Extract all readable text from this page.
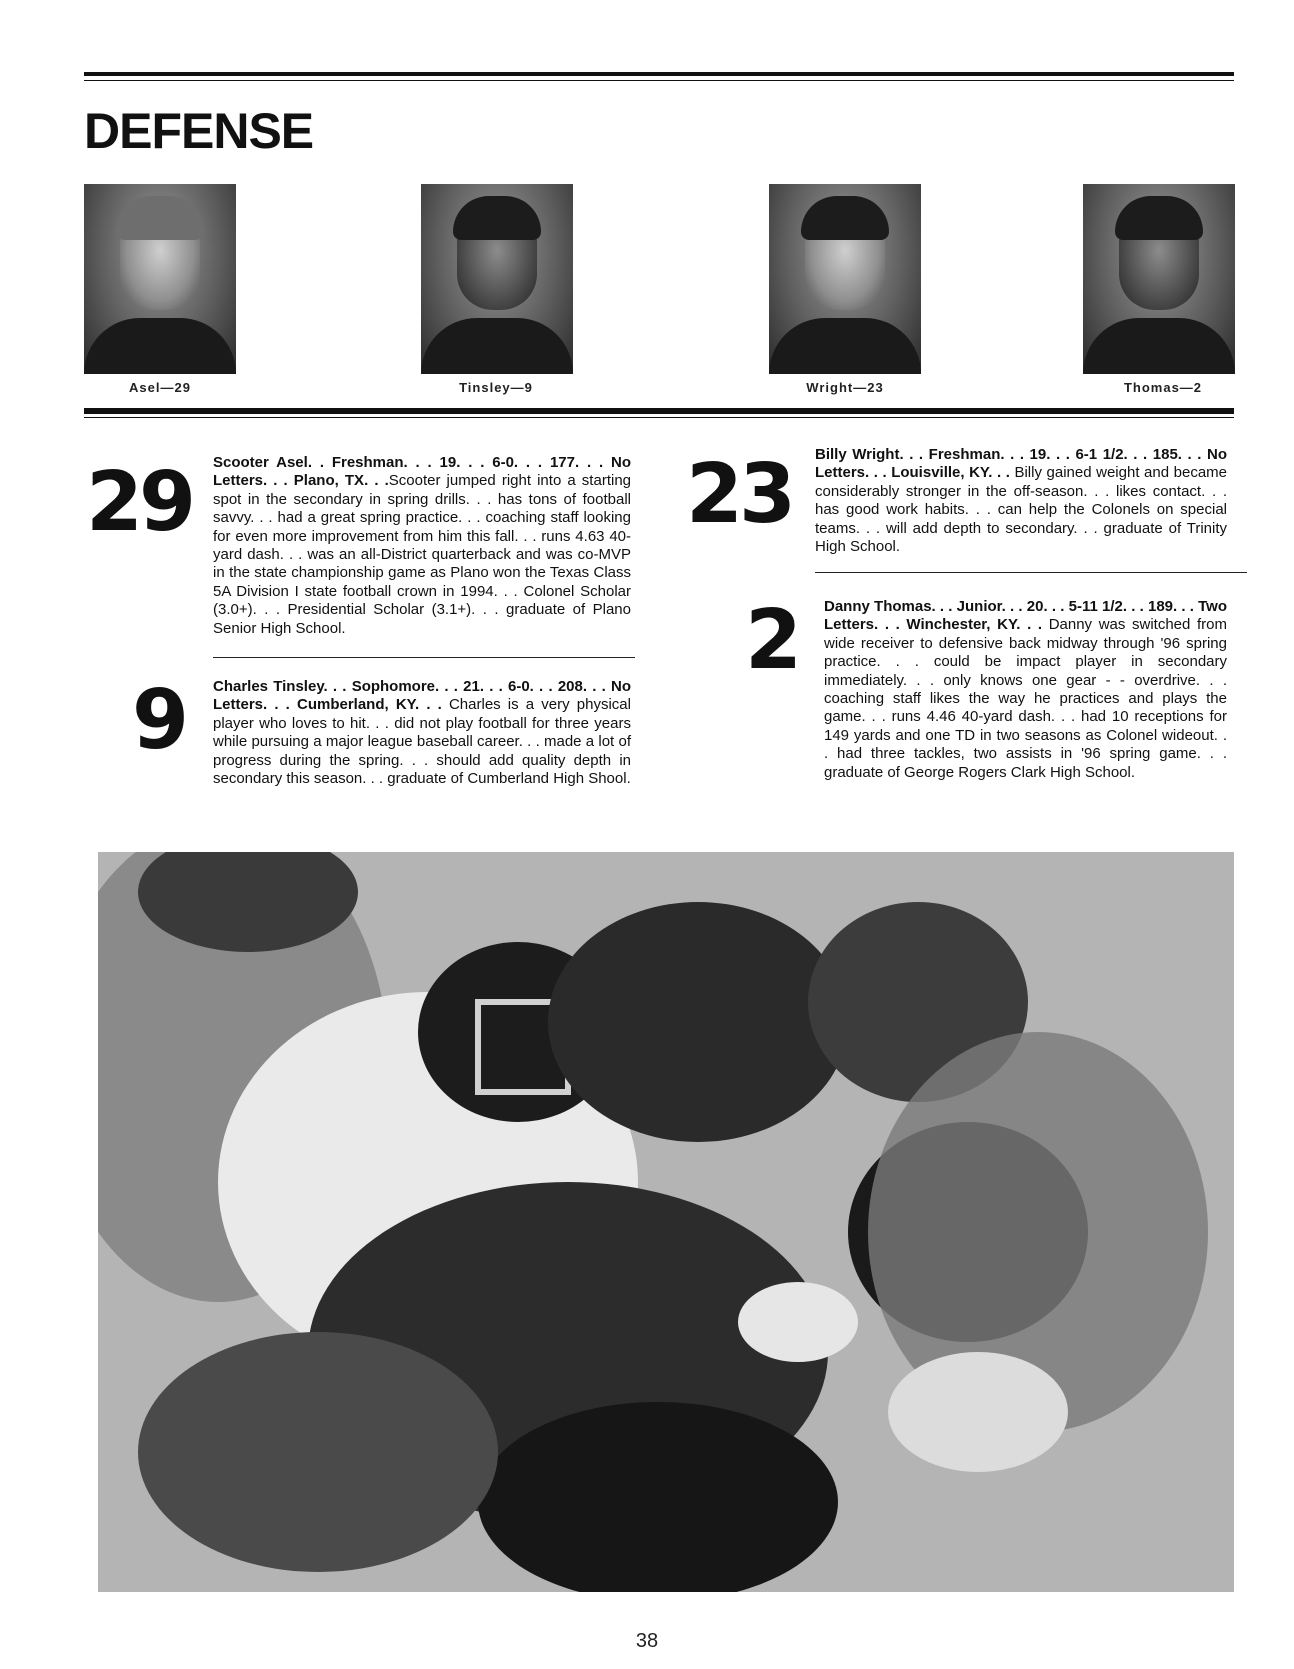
DEFENSE
Asel—29	Tinsley—9	Wright—23	Thomas—2
29 Scooter Asel. . Freshman. . . 19. . . 6-0. . . 177. . . No Letters. . . Plano, TX. . .Scooter jumped right into a starting spot in the secondary in spring drills. . . has tons of football savvy. . . had a great spring practice. . . coaching staff looking for even more improvement from him this fall. . . runs 4.63 40-yard dash. . . was an all-District quarterback and was co-MVP in the state championship game as Plano won the Texas Class 5A Division I state football crown in 1994. . . Colonel Scholar (3.0+). . . Presidential Scholar (3.1+). . . graduate of Plano Senior High School.
9 Charles Tinsley. . . Sophomore. . . 21. . . 6-0. . . 208. . . No Letters. . . Cumberland, KY. . . Charles is a very physical player who loves to hit. . . did not play football for three years while pursuing a major league baseball career. . . made a lot of progress during the spring. . . should add quality depth in secondary this season. . . graduate of Cumberland High Shool.
23 Billy Wright. . . Freshman. . . 19. . . 6-1 1/2. . . 185. . . No Letters. . . Louisville, KY. . . Billy gained weight and became considerably stronger in the off-season. . . likes contact. . . has good work habits. . . can help the Colonels on special teams. . . will add depth to secondary. . . graduate of Trinity High School.
2 Danny Thomas. . . Junior. . . 20. . . 5-11 1/2. . . 189. . . Two Letters. . . Winchester, KY. . . Danny was switched from wide receiver to defensive back midway through '96 spring practice. . . could be impact player in secondary immediately. . . only knows one gear - - overdrive. . . coaching staff likes the way he practices and plays the game. . . runs 4.46 40-yard dash. . . had 10 receptions for 149 yards and one TD in two seasons as Colonel wideout. . . had three tackles, two assists in '96 spring game. . . graduate of George Rogers Clark High School.
38
